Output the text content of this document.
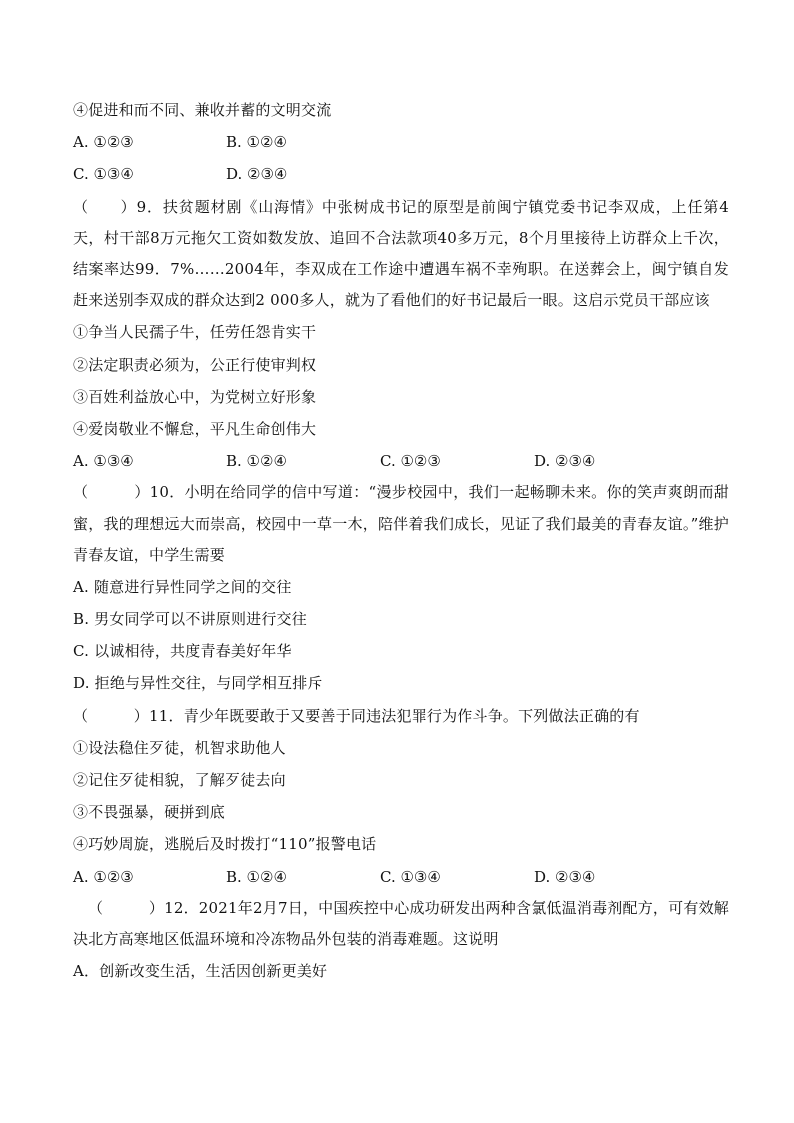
④促进和而不同、兼收并蓄的文明交流
A. ①②③	B. ①②④
C. ①③④	D. ②③④
（　　）9．扶贫题材剧《山海情》中张树成书记的原型是前闽宁镇党委书记李双成，上任第4天，村干部8万元拖欠工资如数发放、追回不合法款项40多万元，8个月里接待上访群众上千次，结案率达99．7%……2004年，李双成在工作途中遭遇车祸不幸殉职。在送葬会上，闽宁镇自发赶来送别李双成的群众达到2 000多人，就为了看他们的好书记最后一眼。这启示党员干部应该
①争当人民孺子牛，任劳任怨肯实干
②法定职责必须为，公正行使审判权
③百姓利益放心中，为党树立好形象
④爱岗敬业不懈怠，平凡生命创伟大
A. ①③④	B. ①②④	C. ①②③	D. ②③④
（　　　）10．小明在给同学的信中写道：“漫步校园中，我们一起畅聊未来。你的笑声爽朗而甜蜜，我的理想远大而崇高，校园中一草一木，陪伴着我们成长，见证了我们最美的青春友谊。”维护青春友谊，中学生需要
A. 随意进行异性同学之间的交往
B. 男女同学可以不讲原则进行交往
C. 以诚相待，共度青春美好年华
D. 拒绝与异性交往，与同学相互排斥
（　　　）11．青少年既要敢于又要善于同违法犯罪行为作斗争。下列做法正确的有
①设法稳住歹徒，机智求助他人
②记住歹徒相貌，了解歹徒去向
③不畏强暴，硬拼到底
④巧妙周旋，逃脱后及时拨打“110”报警电话
A. ①②③	B. ①②④	C. ①③④	D. ②③④
（　　　）12．2021年2月7日，中国疾控中心成功研发出两种含氯低温消毒剂配方，可有效解决北方高寒地区低温环境和冷冻物品外包装的消毒难题。这说明
A．创新改变生活，生活因创新更美好
